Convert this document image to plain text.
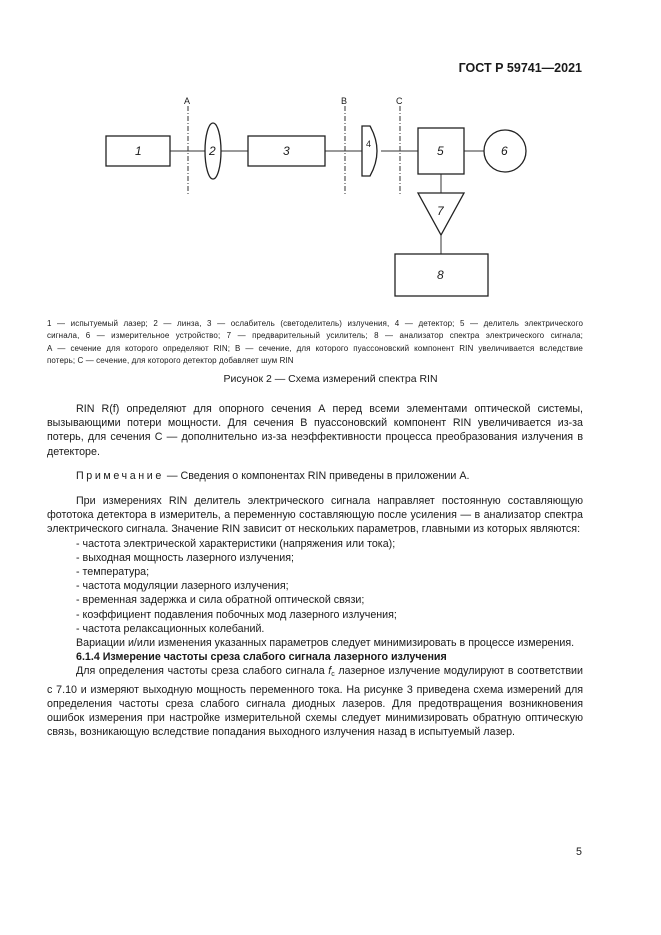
ГОСТ Р 59741—2021
A	B	C
1	2	3	4	5	6
7
8
1 — испытуемый лазер; 2 — линза, 3 — ослабитель (светоделитель) излучения, 4 — детектор; 5 — делитель электрического
сигнала, 6 — измерительное устройство; 7 — предварительный усилитель; 8 — анализатор спектра электрического сигнала;
А — сечение для которого определяют RIN; В — сечение, для которого пуассоновский компонент RIN увеличивается вследствие
потерь; С — сечение, для которого детектор добавляет шум RIN
Рисунок 2 — Схема измерений спектра RIN

RIN R(f) определяют для опорного сечения А перед всеми элементами оптической системы, вызывающими потери мощности. Для сечения В пуассоновский компонент RIN увеличивается из-за потерь, для сечения С — дополнительно из-за неэффективности процесса преобразования излучения в детекторе.

Примечание — Сведения о компонентах RIN приведены в приложении А.

При измерениях RIN делитель электрического сигнала направляет постоянную составляющую фототока детектора в измеритель, а переменную составляющую после усиления — в анализатор спектра электрического сигнала. Значение RIN зависит от нескольких параметров, главными из которых являются:

- частота электрической характеристики (напряжения или тока);
- выходная мощность лазерного излучения;
- температура;
- частота модуляции лазерного излучения;
- временная задержка и сила обратной оптической связи;
- коэффициент подавления побочных мод лазерного излучения;
- частота релаксационных колебаний.

Вариации и/или изменения указанных параметров следует минимизировать в процессе измерения.

6.1.4 Измерение частоты среза слабого сигнала лазерного излучения

Для определения частоты среза слабого сигнала $f_c$ лазерное излучение модулируют в соответствии с 7.10 и измеряют выходную мощность переменного тока. На рисунке 3 приведена схема измерений для определения частоты среза слабого сигнала диодных лазеров. Для предотвращения возникновения ошибок измерения при настройке измерительной схемы следует минимизировать обратную оптическую связь, возникающую вследствие попадания выходного излучения назад в испытуемый лазер.

5
